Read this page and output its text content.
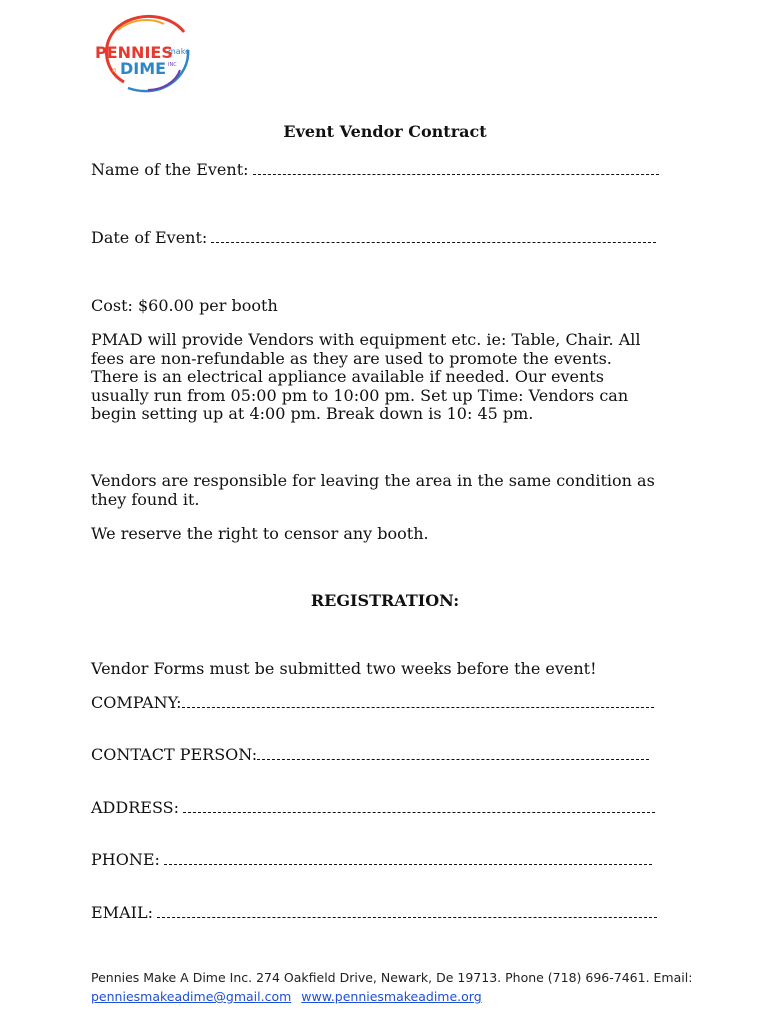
PENNIES
make
a DIME INC
Event Vendor Contract
Name of the Event:
Date of Event:
Cost: $60.00 per booth
PMAD will provide Vendors with equipment etc. ie: Table, Chair. All
fees are non-refundable as they are used to promote the events.
There is an electrical appliance available if needed. Our events
usually run from 05:00 pm to 10:00 pm. Set up Time: Vendors can
begin setting up at 4:00 pm. Break down is 10: 45 pm.
Vendors are responsible for leaving the area in the same condition as
they found it.
We reserve the right to censor any booth.
REGISTRATION:
Vendor Forms must be submitted two weeks before the event!
COMPANY:
CONTACT PERSON:
ADDRESS:
PHONE:
EMAIL:
Pennies Make A Dime Inc. 274 Oakfield Drive, Newark, De 19713. Phone (718) 696-7461. Email:
penniesmakeadime@gmail.com www.penniesmakeadime.org
